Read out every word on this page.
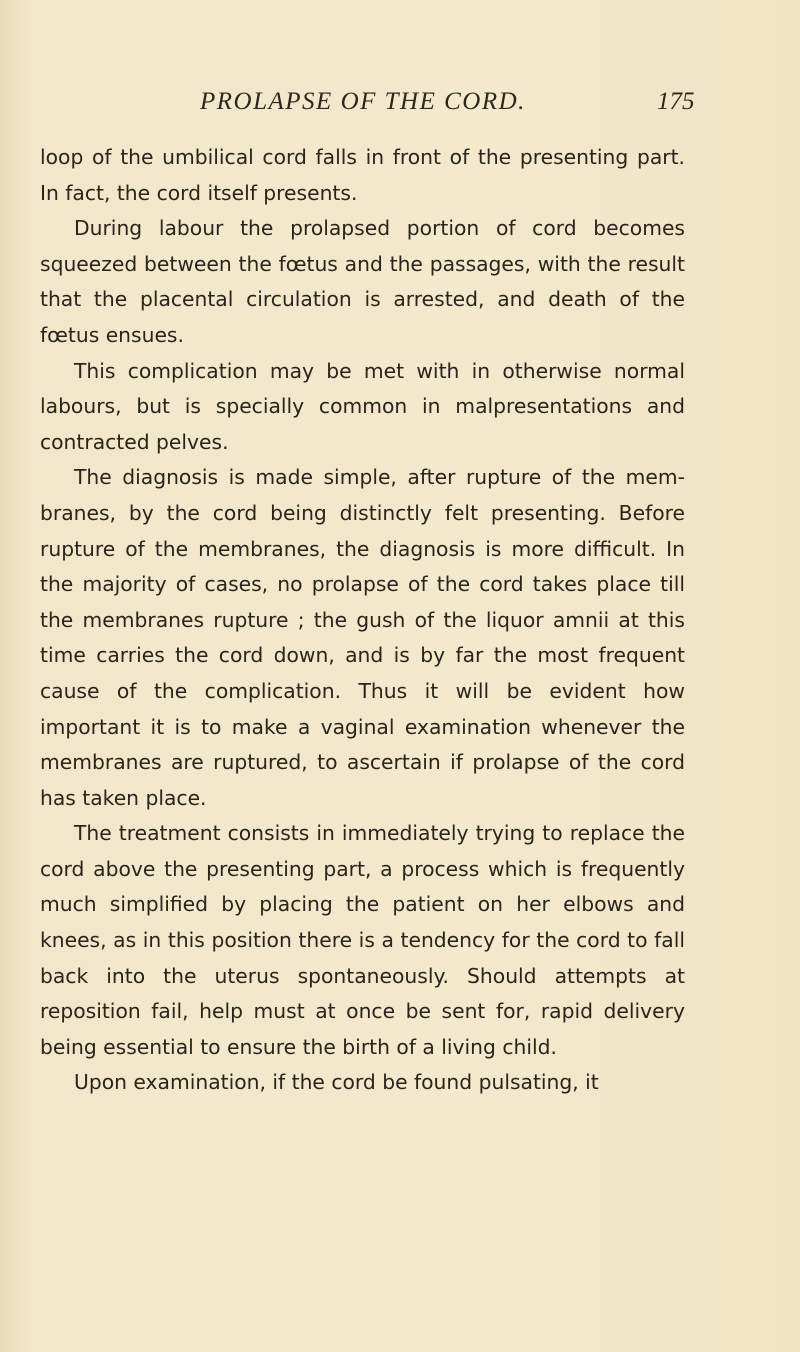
PROLAPSE OF THE CORD.	175

loop of the umbilical cord falls in front of the presenting part. In fact, the cord itself presents.

During labour the prolapsed portion of cord becomes squeezed between the fœtus and the passages, with the result that the placental circulation is arrested, and death of the fœtus ensues.

This complication may be met with in otherwise normal labours, but is specially common in malpresentations and contracted pelves.

The diagnosis is made simple, after rupture of the membranes, by the cord being distinctly felt presenting. Before rupture of the membranes, the diagnosis is more difficult. In the majority of cases, no prolapse of the cord takes place till the membranes rupture ; the gush of the liquor amnii at this time carries the cord down, and is by far the most frequent cause of the complication. Thus it will be evident how important it is to make a vaginal examination whenever the membranes are ruptured, to ascertain if prolapse of the cord has taken place.

The treatment consists in immediately trying to replace the cord above the presenting part, a process which is frequently much simplified by placing the patient on her elbows and knees, as in this position there is a tendency for the cord to fall back into the uterus spontaneously. Should attempts at reposition fail, help must at once be sent for, rapid delivery being essential to ensure the birth of a living child.

Upon examination, if the cord be found pulsating, it
